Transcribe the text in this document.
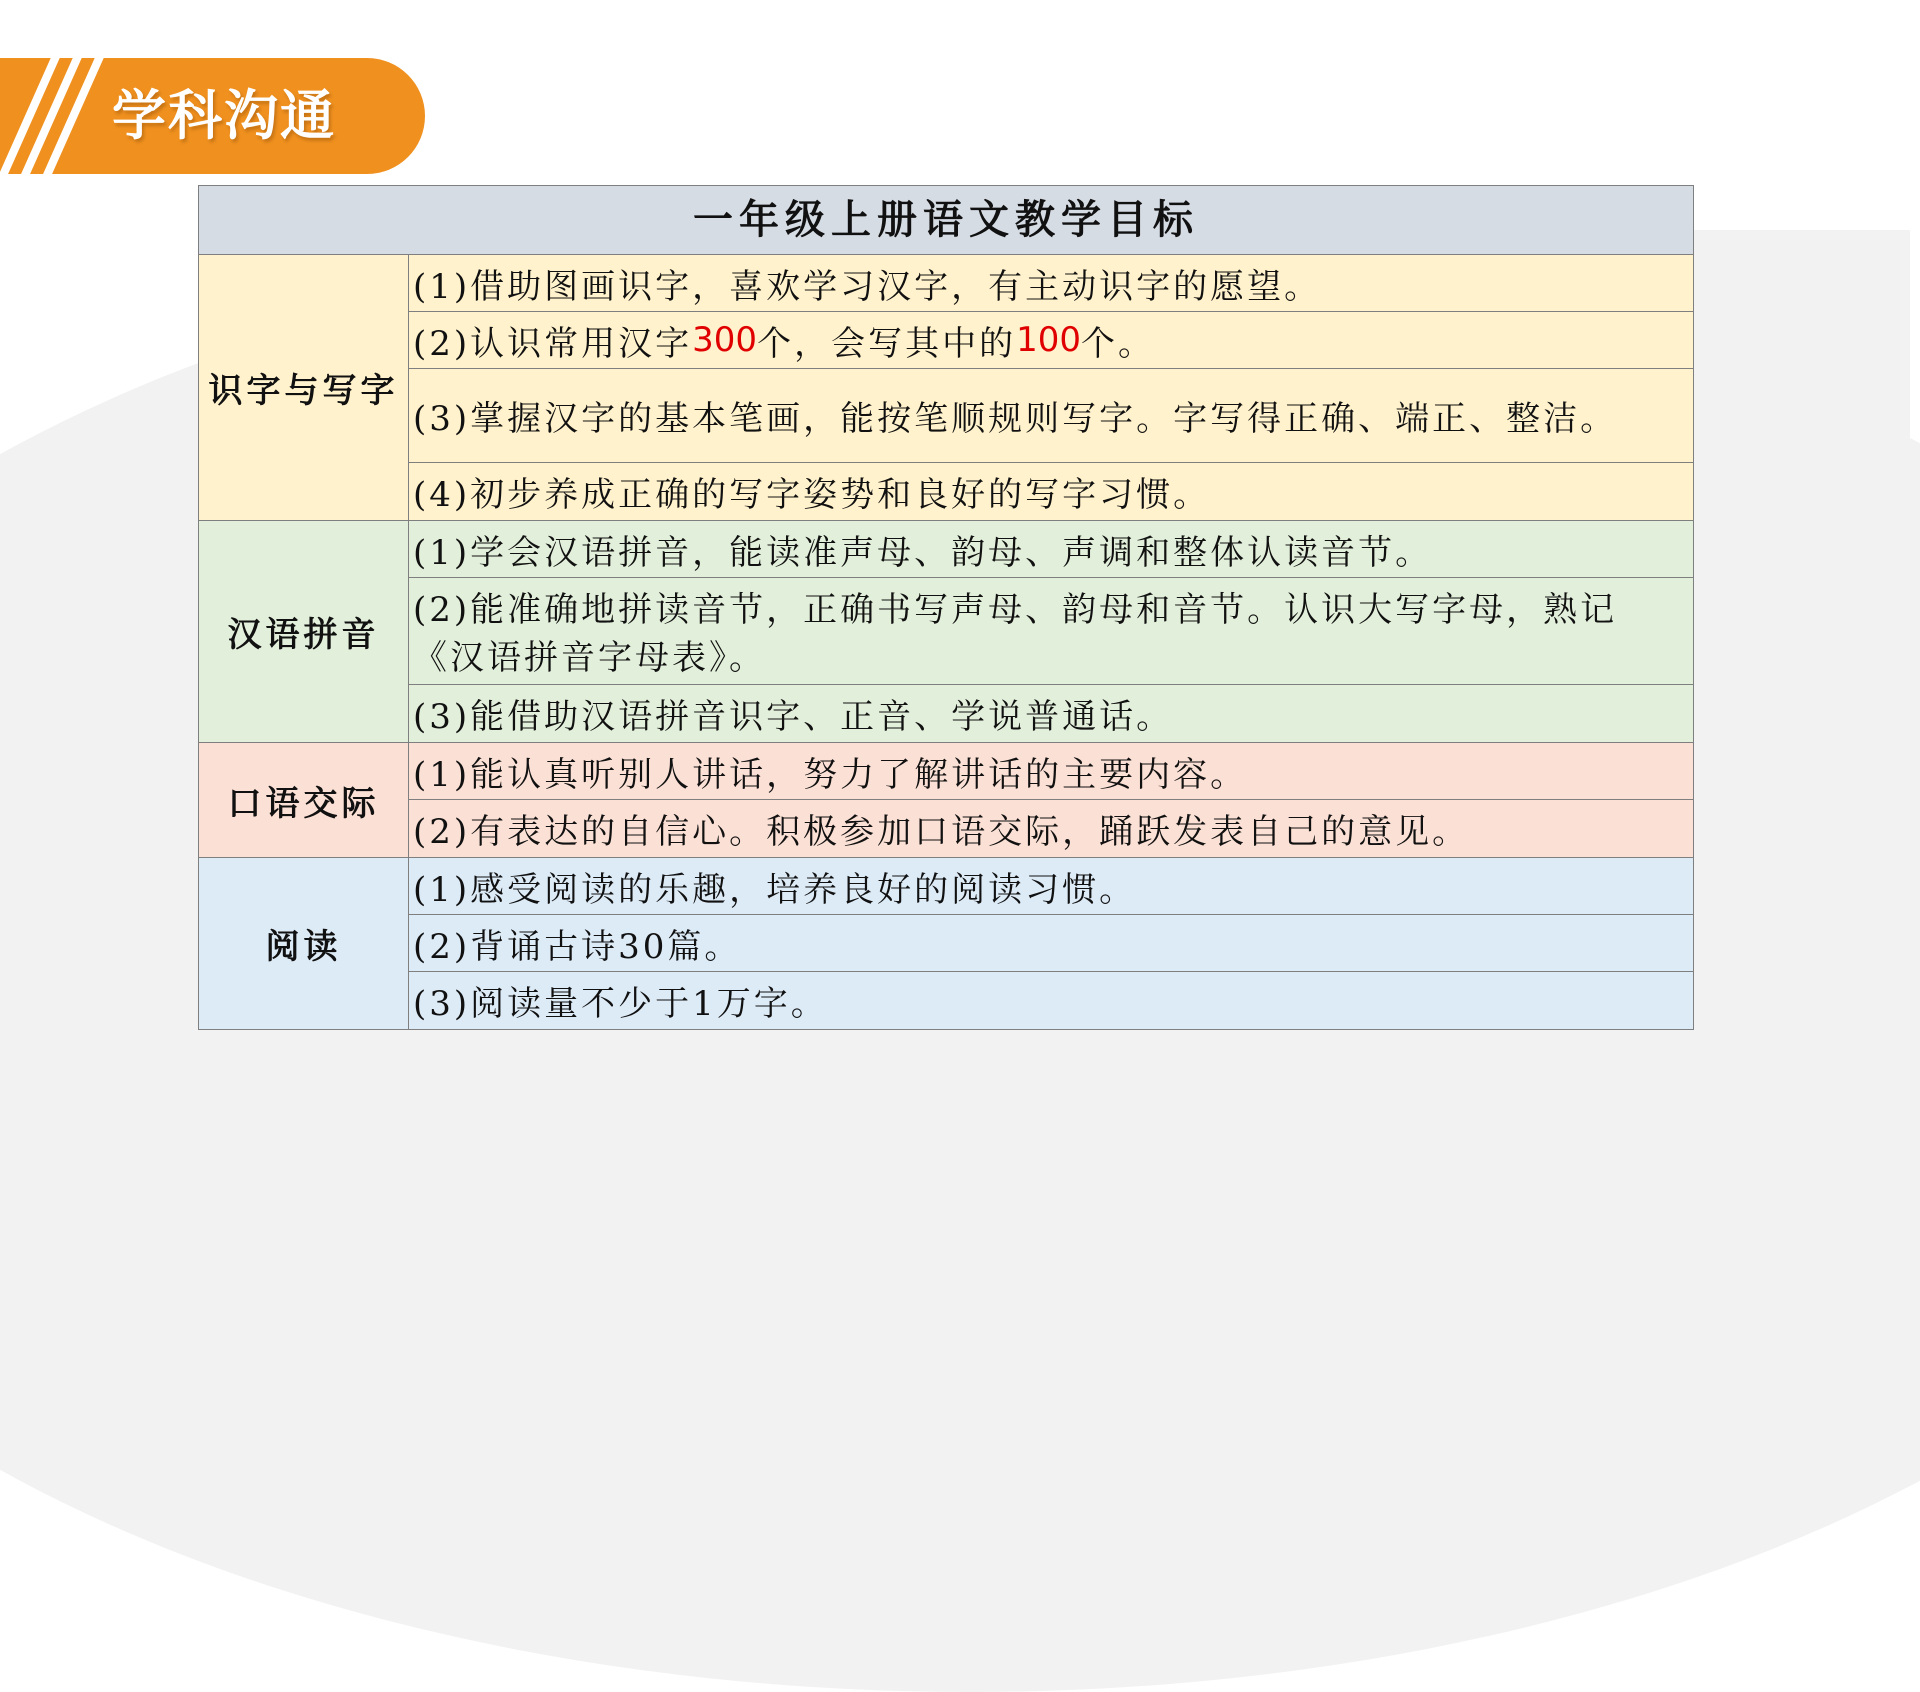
学科沟通
一年级上册语文教学目标
识字与写字
(1)借助图画识字，喜欢学习汉字，有主动识字的愿望。
(2)认识常用汉字 300 个，会写其中的 100 个。
(3)掌握汉字的基本笔画，能按笔顺规则写字。字写得正确、端正、整洁。
(4)初步养成正确的写字姿势和良好的写字习惯。
汉语拼音
(1)学会汉语拼音，能读准声母、韵母、声调和整体认读音节。
(2)能准确地拼读音节，正确书写声母、韵母和音节。认识大写字母，熟记《汉语拼音字母表》。
(3)能借助汉语拼音识字、正音、学说普通话。
口语交际
(1)能认真听别人讲话，努力了解讲话的主要内容。
(2)有表达的自信心。积极参加口语交际，踊跃发表自己的意见。
阅读
(1)感受阅读的乐趣，培养良好的阅读习惯。
(2)背诵古诗30篇。
(3)阅读量不少于1万字。
